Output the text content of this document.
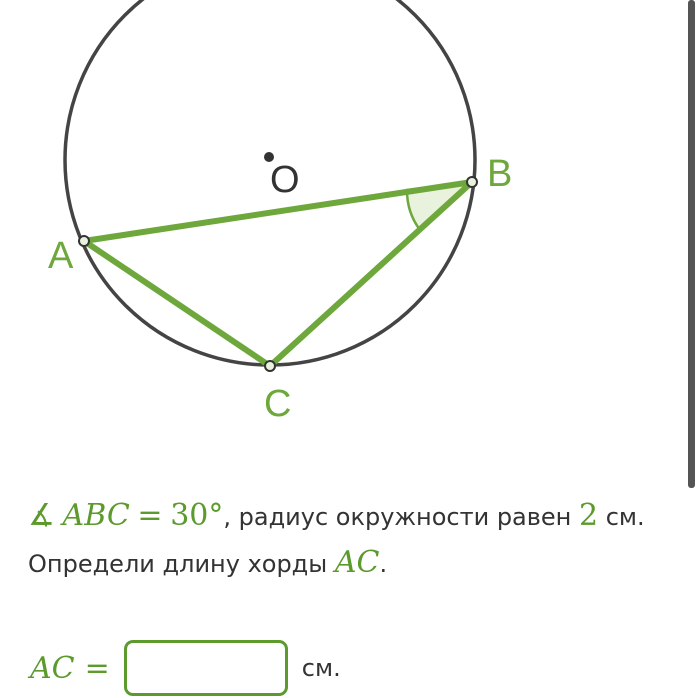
O
A
B
C
∡ ABC = 30°, радиус окружности равен 2 см.
Определи длину хорды AC.
AC =	см.
